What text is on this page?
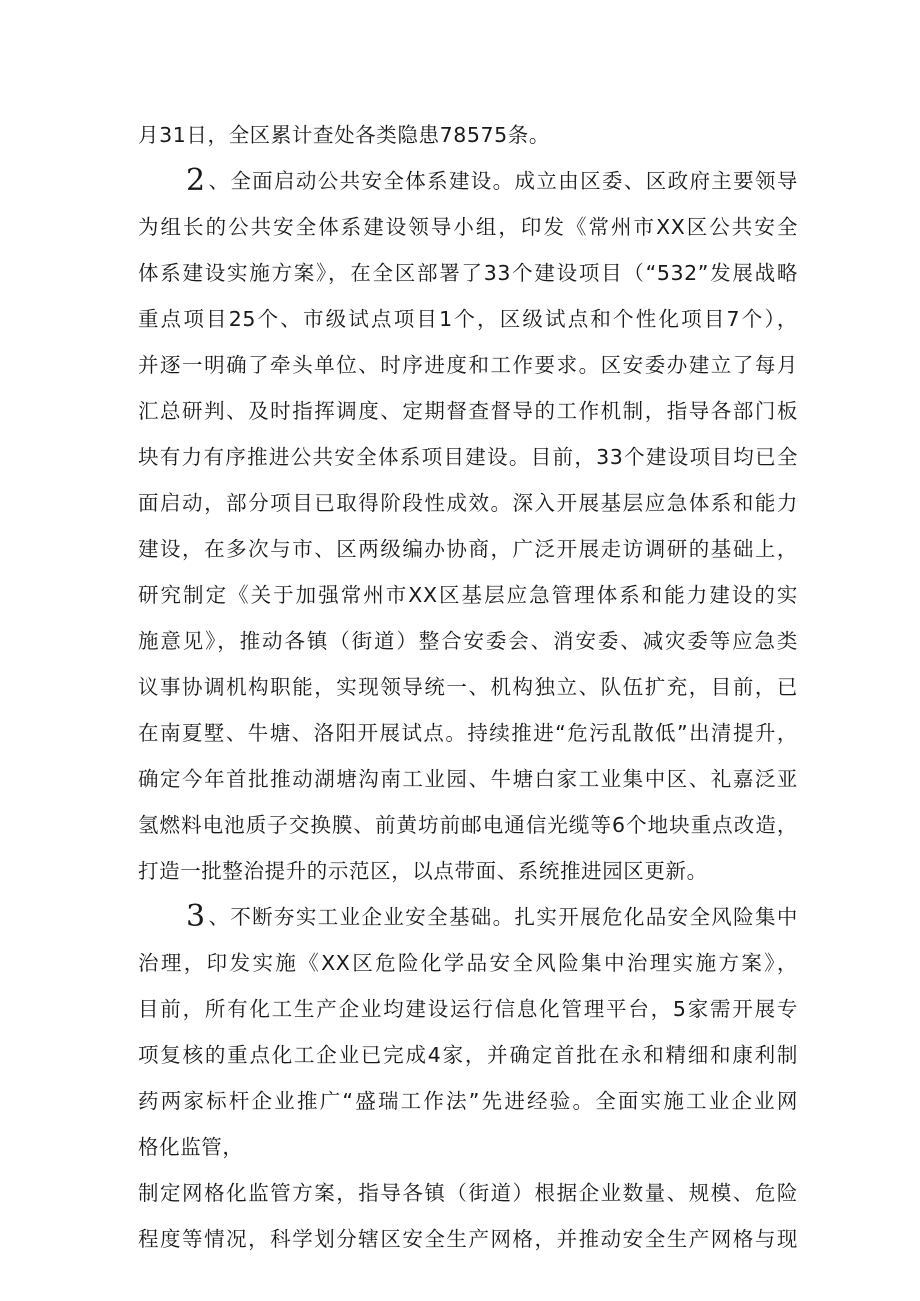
月31日，全区累计查处各类隐患78575条。
2、全面启动公共安全体系建设。成立由区委、区政府主要领导
为组长的公共安全体系建设领导小组，印发《常州市XX区公共安全
体系建设实施方案》，在全区部署了33个建设项目（“532”发展战略
重点项目25个、市级试点项目1个，区级试点和个性化项目7个），
并逐一明确了牵头单位、时序进度和工作要求。区安委办建立了每月
汇总研判、及时指挥调度、定期督查督导的工作机制，指导各部门板
块有力有序推进公共安全体系项目建设。目前，33个建设项目均已全
面启动，部分项目已取得阶段性成效。深入开展基层应急体系和能力
建设，在多次与市、区两级编办协商，广泛开展走访调研的基础上，
研究制定《关于加强常州市XX区基层应急管理体系和能力建设的实
施意见》，推动各镇（街道）整合安委会、消安委、减灾委等应急类
议事协调机构职能，实现领导统一、机构独立、队伍扩充，目前，已
在南夏墅、牛塘、洛阳开展试点。持续推进“危污乱散低”出清提升，
确定今年首批推动湖塘沟南工业园、牛塘白家工业集中区、礼嘉泛亚
氢燃料电池质子交换膜、前黄坊前邮电通信光缆等6个地块重点改造，
打造一批整治提升的示范区，以点带面、系统推进园区更新。
3、不断夯实工业企业安全基础。扎实开展危化品安全风险集中
治理，印发实施《XX区危险化学品安全风险集中治理实施方案》，
目前，所有化工生产企业均建设运行信息化管理平台，5家需开展专
项复核的重点化工企业已完成4家，并确定首批在永和精细和康利制
药两家标杆企业推广“盛瑞工作法”先进经验。全面实施工业企业网
格化监管，
制定网格化监管方案，指导各镇（街道）根据企业数量、规模、危险
程度等情况，科学划分辖区安全生产网格，并推动安全生产网格与现
